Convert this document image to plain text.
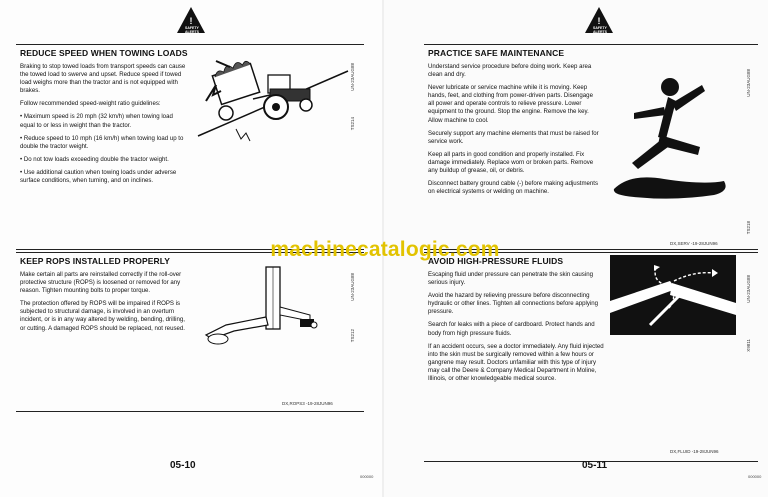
!
SAFETY
ALERTS
REDUCE SPEED WHEN TOWING LOADS

Braking to stop towed loads from transport speeds can cause the towed load to swerve and upset. Reduce speed if towed load weighs more than the tractor and is not equipped with brakes.

Follow recommended speed-weight ratio guidelines:

• Maximum speed is 20 mph (32 km/h) when towing load equal to or less in weight than the tractor.
• Reduce speed to 10 mph (16 km/h) when towing load up to double the tractor weight.
• Do not tow loads exceeding double the tractor weight.
• Use additional caution when towing loads under adverse surface conditions, when turning, and on inclines.
TS214
UN-23AUG88
KEEP ROPS INSTALLED PROPERLY

Make certain all parts are reinstalled correctly if the roll-over protective structure (ROPS) is loosened or removed for any reason. Tighten mounting bolts to proper torque.

The protection offered by ROPS will be impaired if ROPS is subjected to structural damage, is involved in an overturn incident, or is in any way altered by welding, bending, drilling, or cutting. A damaged ROPS should be replaced, not reused.

TS212
UN-23AUG88
DX,ROPS3 -19-28JUN96
05-10
000000
!
SAFETY
ALERTS
PRACTICE SAFE MAINTENANCE

Understand service procedure before doing work. Keep area clean and dry.

Never lubricate or service machine while it is moving. Keep hands, feet, and clothing from power-driven parts. Disengage all power and operate controls to relieve pressure. Lower equipment to the ground. Stop the engine. Remove the key. Allow machine to cool.

Securely support any machine elements that must be raised for service work.

Keep all parts in good condition and properly installed. Fix damage immediately. Replace worn or broken parts. Remove any buildup of grease, oil, or debris.

Disconnect battery ground cable (-) before making adjustments on electrical systems or welding on machine.

TS218
UN-23AUG88
DX,SERV -19-28JUN96
AVOID HIGH-PRESSURE FLUIDS

Escaping fluid under pressure can penetrate the skin causing serious injury.

Avoid the hazard by relieving pressure before disconnecting hydraulic or other lines. Tighten all connections before applying pressure.

Search for leaks with a piece of cardboard. Protect hands and body from high pressure fluids.

If an accident occurs, see a doctor immediately. Any fluid injected into the skin must be surgically removed within a few hours or gangrene may result. Doctors unfamiliar with this type of injury may call the Deere & Company Medical Department in Moline, Illinois, or other knowledgeable medical source.

X9811
UN-23AUG88
DX,FLUID -19-28JUN96
05-11
000000
machinecatalogic.com
